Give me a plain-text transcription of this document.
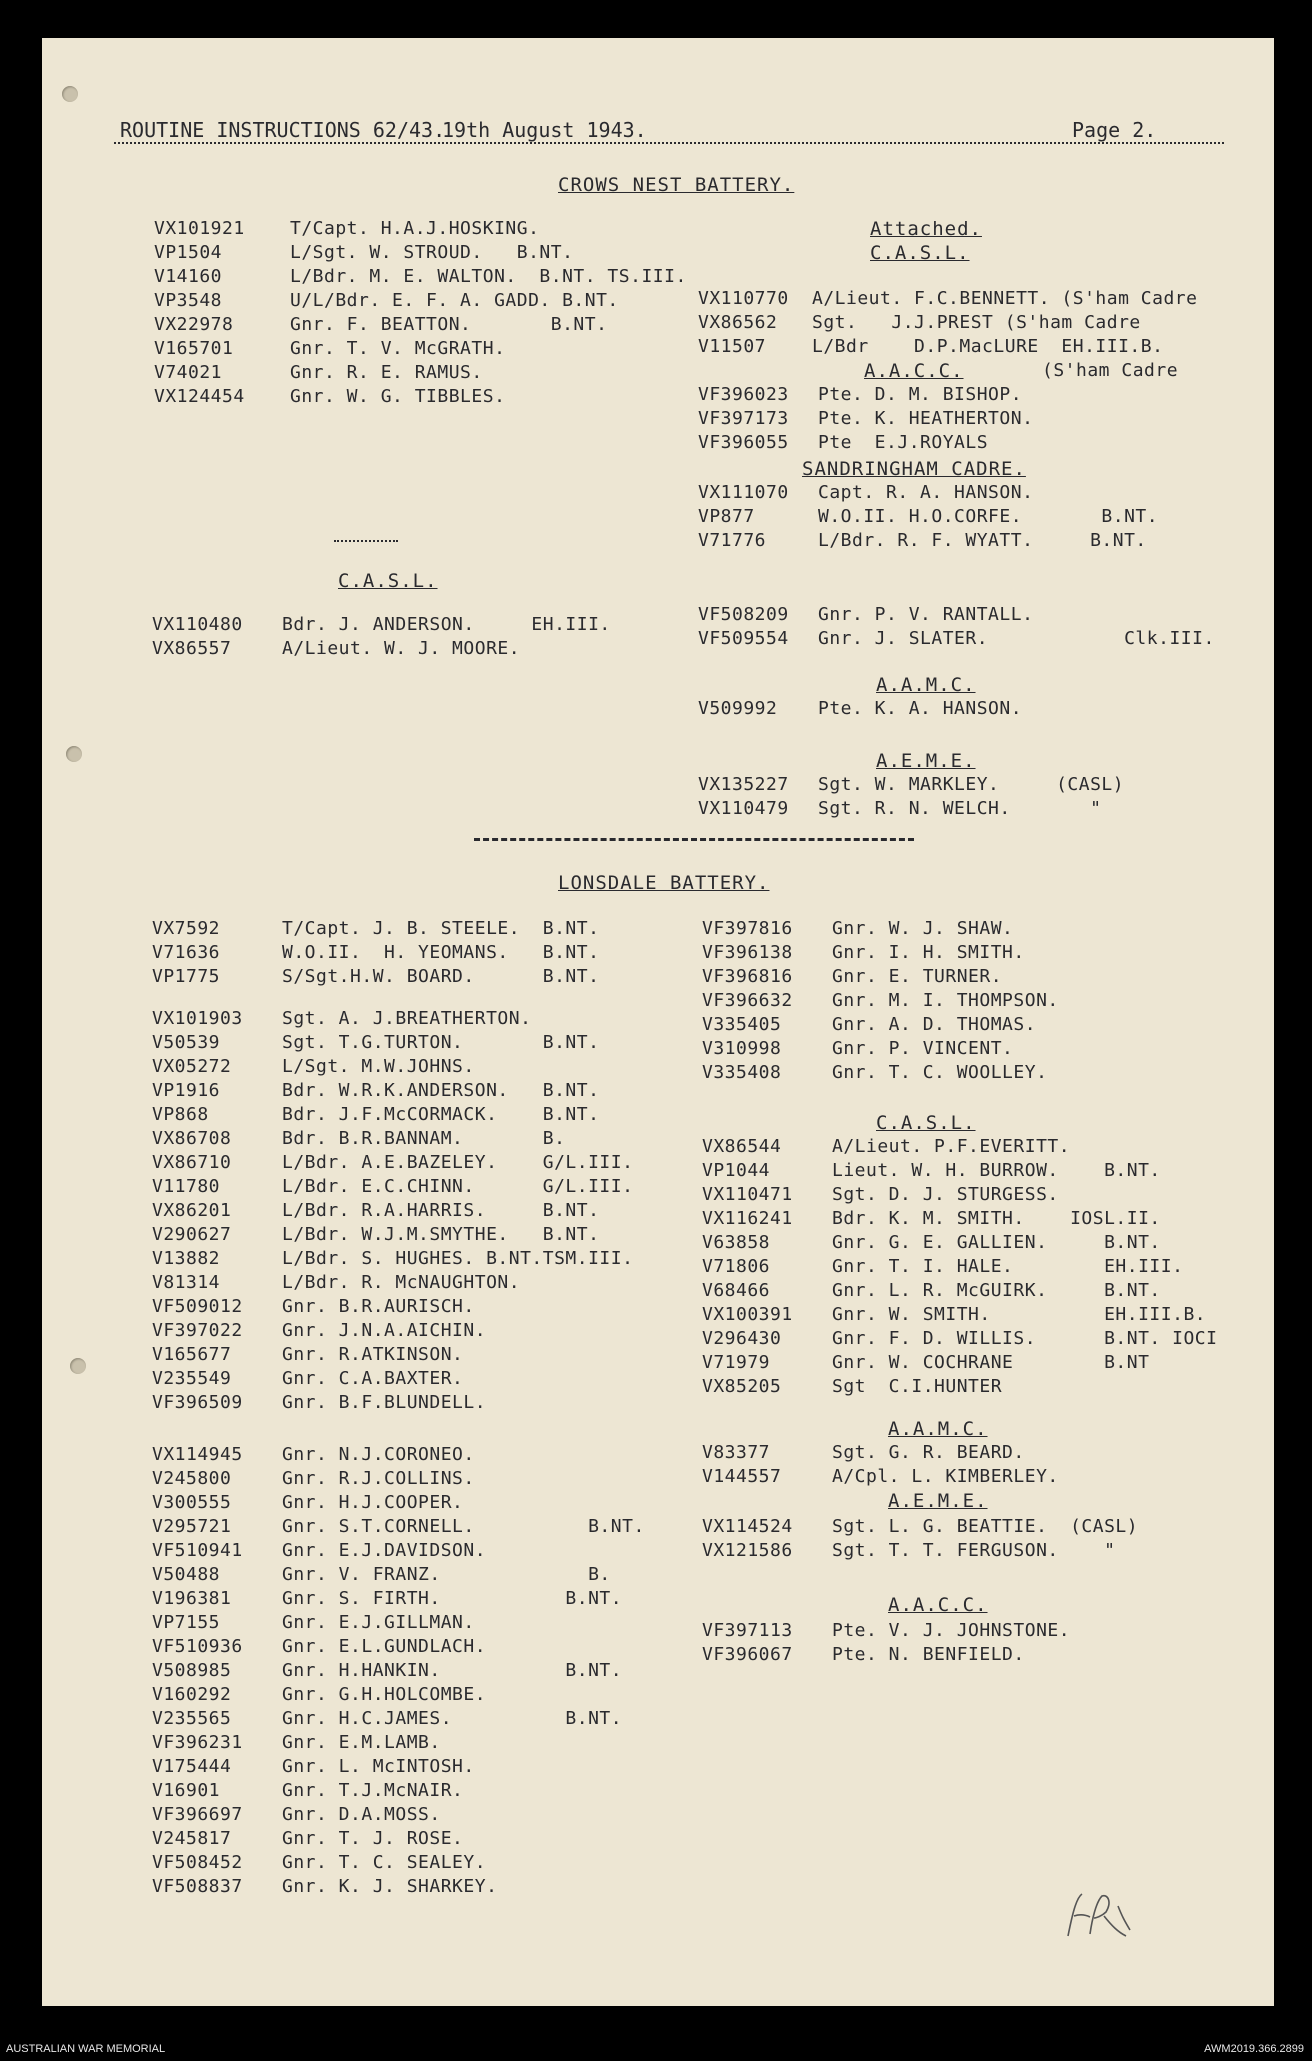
ROUTINE INSTRUCTIONS 62/43.
19th August 1943.	Page 2.
CROWS NEST BATTERY.
VX101921	T/Capt. H.A.J.HOSKING.
VP1504	L/Sgt. W. STROUD.   B.NT.
V14160	L/Bdr. M. E. WALTON.  B.NT. TS.III.
VP3548	U/L/Bdr. E. F. A. GADD. B.NT.
VX22978	Gnr. F. BEATTON.       B.NT.
V165701	Gnr. T. V. McGRATH.
V74021	Gnr. R. E. RAMUS.
VX124454	Gnr. W. G. TIBBLES.
C.A.S.L.
VX110480 Bdr. J. ANDERSON.     EH.III.
VX86557	A/Lieut. W. J. MOORE.
Attached.
C.A.S.L.
VX110770 A/Lieut. F.C.BENNETT. (S'ham Cadre
VX86562 Sgt.   J.J.PREST (S'ham Cadre
V11507	L/Bdr    D.P.MacLURE  EH.III.B.
(S'ham Cadre
A.A.C.C.
VF396023 Pte. D. M. BISHOP.
VF397173 Pte. K. HEATHERTON.
VF396055 Pte  E.J.ROYALS
SANDRINGHAM CADRE.
VX111070 Capt. R. A. HANSON.
VP877	W.O.II. H.O.CORFE.       B.NT.
V71776	L/Bdr. R. F. WYATT.     B.NT.
VF508209 Gnr. P. V. RANTALL.
VF509554 Gnr. J. SLATER.            Clk.III.
A.A.M.C.
V509992 Pte. K. A. HANSON.
A.E.M.E.
VX135227 Sgt. W. MARKLEY.     (CASL)
VX110479 Sgt. R. N. WELCH.       "
LONSDALE BATTERY.
VX7592	T/Capt. J. B. STEELE.  B.NT.
V71636	W.O.II.  H. YEOMANS.   B.NT.
VP1775	S/Sgt.H.W. BOARD.      B.NT.
VX101903 Sgt. A. J.BREATHERTON.
V50539	Sgt. T.G.TURTON.       B.NT.
VX05272	L/Sgt. M.W.JOHNS.
VP1916	Bdr. W.R.K.ANDERSON.   B.NT.
VP868	Bdr. J.F.McCORMACK.    B.NT.
VX86708	Bdr. B.R.BANNAM.       B.
VX86710	L/Bdr. A.E.BAZELEY.    G/L.III.
V11780	L/Bdr. E.C.CHINN.      G/L.III.
VX86201	L/Bdr. R.A.HARRIS.     B.NT.
V290627	L/Bdr. W.J.M.SMYTHE.   B.NT.
V13882	L/Bdr. S. HUGHES. B.NT.TSM.III.
V81314	L/Bdr. R. McNAUGHTON.
VF509012 Gnr. B.R.AURISCH.
VF397022 Gnr. J.N.A.AICHIN.
V165677	Gnr. R.ATKINSON.
V235549	Gnr. C.A.BAXTER.
VF396509 Gnr. B.F.BLUNDELL.
VX114945 Gnr. N.J.CORONEO.
V245800	Gnr. R.J.COLLINS.
V300555	Gnr. H.J.COOPER.
V295721	Gnr. S.T.CORNELL.          B.NT.
VF510941 Gnr. E.J.DAVIDSON.
V50488	Gnr. V. FRANZ.             B.
V196381	Gnr. S. FIRTH.           B.NT.
VP7155	Gnr. E.J.GILLMAN.
VF510936 Gnr. E.L.GUNDLACH.
V508985	Gnr. H.HANKIN.           B.NT.
V160292	Gnr. G.H.HOLCOMBE.
V235565	Gnr. H.C.JAMES.          B.NT.
VF396231 Gnr. E.M.LAMB.
V175444	Gnr. L. McINTOSH.
V16901	Gnr. T.J.McNAIR.
VF396697 Gnr. D.A.MOSS.
V245817	Gnr. T. J. ROSE.
VF508452 Gnr. T. C. SEALEY.
VF508837 Gnr. K. J. SHARKEY.
VF397816 Gnr. W. J. SHAW.
VF396138 Gnr. I. H. SMITH.
VF396816 Gnr. E. TURNER.
VF396632 Gnr. M. I. THOMPSON.
V335405	Gnr. A. D. THOMAS.
V310998	Gnr. P. VINCENT.
V335408	Gnr. T. C. WOOLLEY.
C.A.S.L.
VX86544	A/Lieut. P.F.EVERITT.
VP1044	Lieut. W. H. BURROW.    B.NT.
VX110471 Sgt. D. J. STURGESS.
VX116241 Bdr. K. M. SMITH.    IOSL.II.
V63858	Gnr. G. E. GALLIEN.     B.NT.
V71806	Gnr. T. I. HALE.        EH.III.
V68466	Gnr. L. R. McGUIRK.     B.NT.
VX100391 Gnr. W. SMITH.          EH.III.B.
V296430	Gnr. F. D. WILLIS.      B.NT. IOCI
V71979	Gnr. W. COCHRANE        B.NT
VX85205	Sgt  C.I.HUNTER
A.A.M.C.
V83377	Sgt. G. R. BEARD.
V144557	A/Cpl. L. KIMBERLEY.
A.E.M.E.
VX114524 Sgt. L. G. BEATTIE.  (CASL)
VX121586 Sgt. T. T. FERGUSON.    "
A.A.C.C.
VF397113 Pte. V. J. JOHNSTONE.
VF396067 Pte. N. BENFIELD.
AUSTRALIAN WAR MEMORIAL	AWM2019.366.2899
